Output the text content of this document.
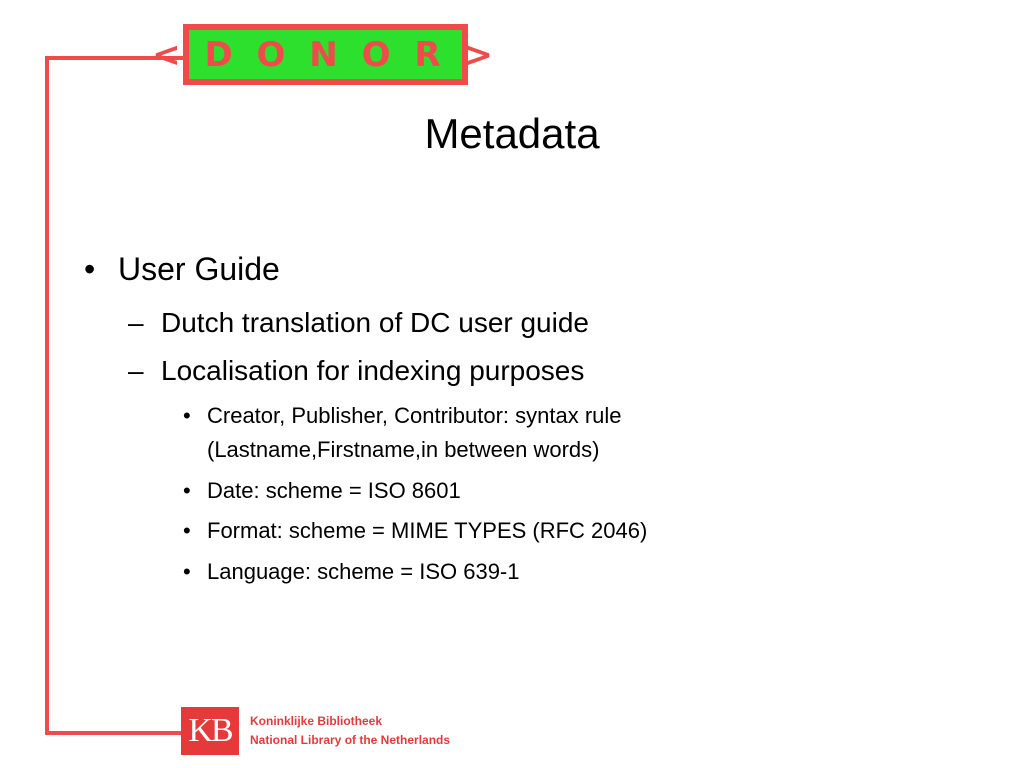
< D O N O R >
Metadata
• User Guide
– Dutch translation of DC user guide
– Localisation for indexing purposes
• Creator, Publisher, Contributor: syntax rule
(Lastname,Firstname,in between words)
• Date: scheme = ISO 8601
• Format: scheme = MIME TYPES (RFC 2046)
• Language: scheme = ISO 639-1
KB Koninklijke Bibliotheek
National Library of the Netherlands
